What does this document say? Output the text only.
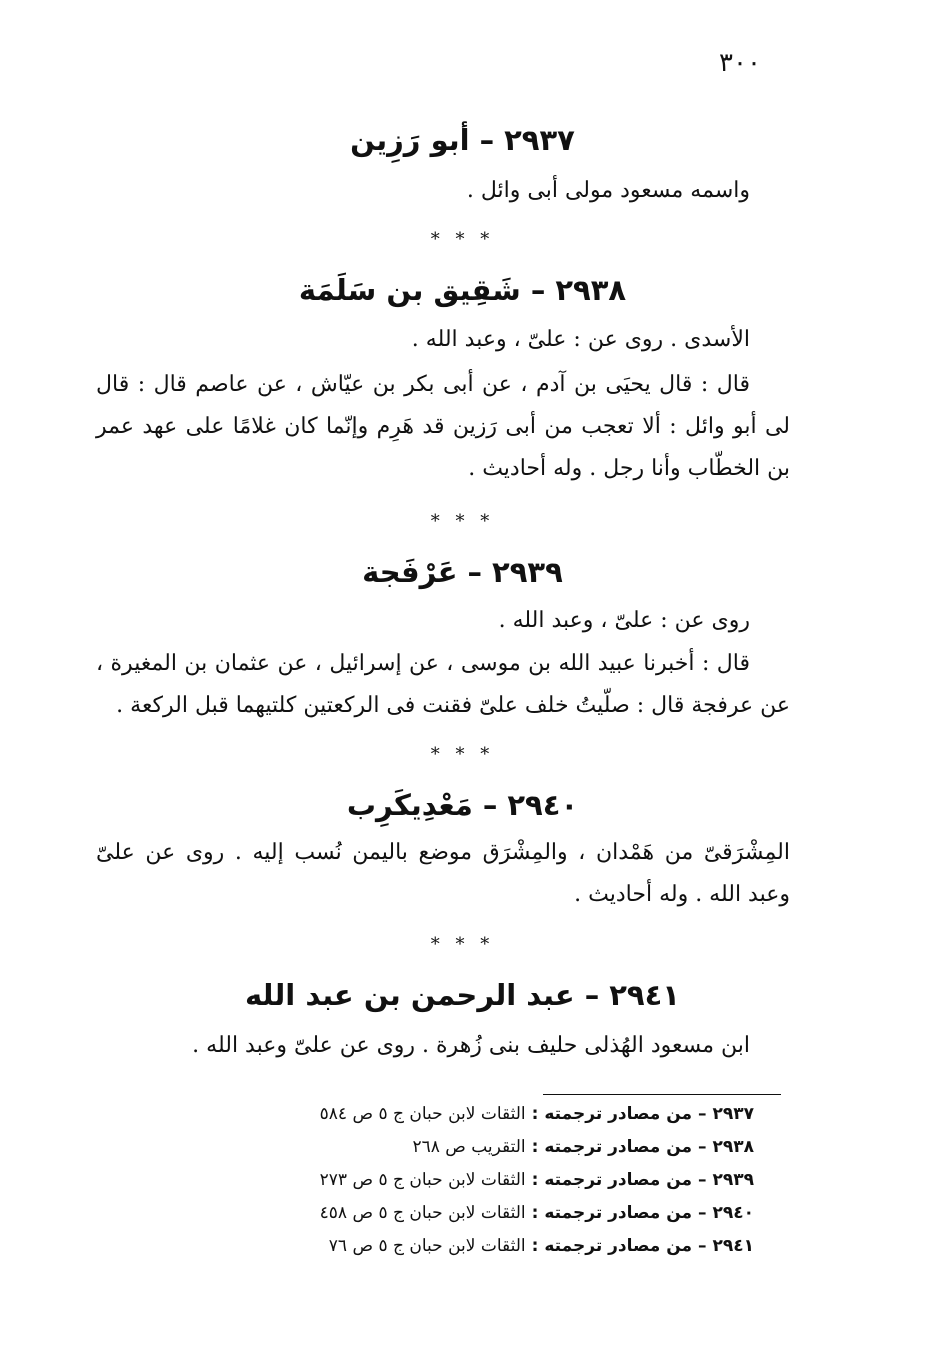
٣٠٠
٢٩٣٧–أبو رَزِين
واسمه مسعود مولى أبى وائل .
* * *
٢٩٣٨–شَقِيق بن سَلَمَة
الأسدى . روى عن : علىّ ، وعبد الله .
قال : قال يحيَى بن آدم ، عن أبى بكر بن عيّاش ، عن عاصم قال : قال لى أبو وائل : ألا تعجب من أبى رَزين قد هَرِم وإنّما كان غلامًا على عهد عمر بن الخطّاب وأنا رجل . وله أحاديث .
* * *
٢٩٣٩–عَرْفَجة
روى عن : علىّ ، وعبد الله .
قال : أخبرنا عبيد الله بن موسى ، عن إسرائيل ، عن عثمان بن المغيرة ، عن عرفجة قال : صلّيتُ خلف علىّ فقنت فى الركعتين كلتيهما قبل الركعة .
* * *
٢٩٤٠–مَعْدِيكَرِب
المِشْرَقىّ من هَمْدان ، والمِشْرَق موضع باليمن نُسب إليه . روى عن علىّ وعبد الله . وله أحاديث .
* * *
٢٩٤١–عبد الرحمن بن عبد الله
ابن مسعود الهُذلى حليف بنى زُهرة . روى عن علىّ وعبد الله .
٢٩٣٧– من مصادر ترجمته :الثقات لابن حبان ج ٥ ص ٥٨٤
٢٩٣٨– من مصادر ترجمته :التقريب ص ٢٦٨
٢٩٣٩– من مصادر ترجمته :الثقات لابن حبان ج ٥ ص ٢٧٣
٢٩٤٠– من مصادر ترجمته :الثقات لابن حبان ج ٥ ص ٤٥٨
٢٩٤١– من مصادر ترجمته :الثقات لابن حبان ج ٥ ص ٧٦
